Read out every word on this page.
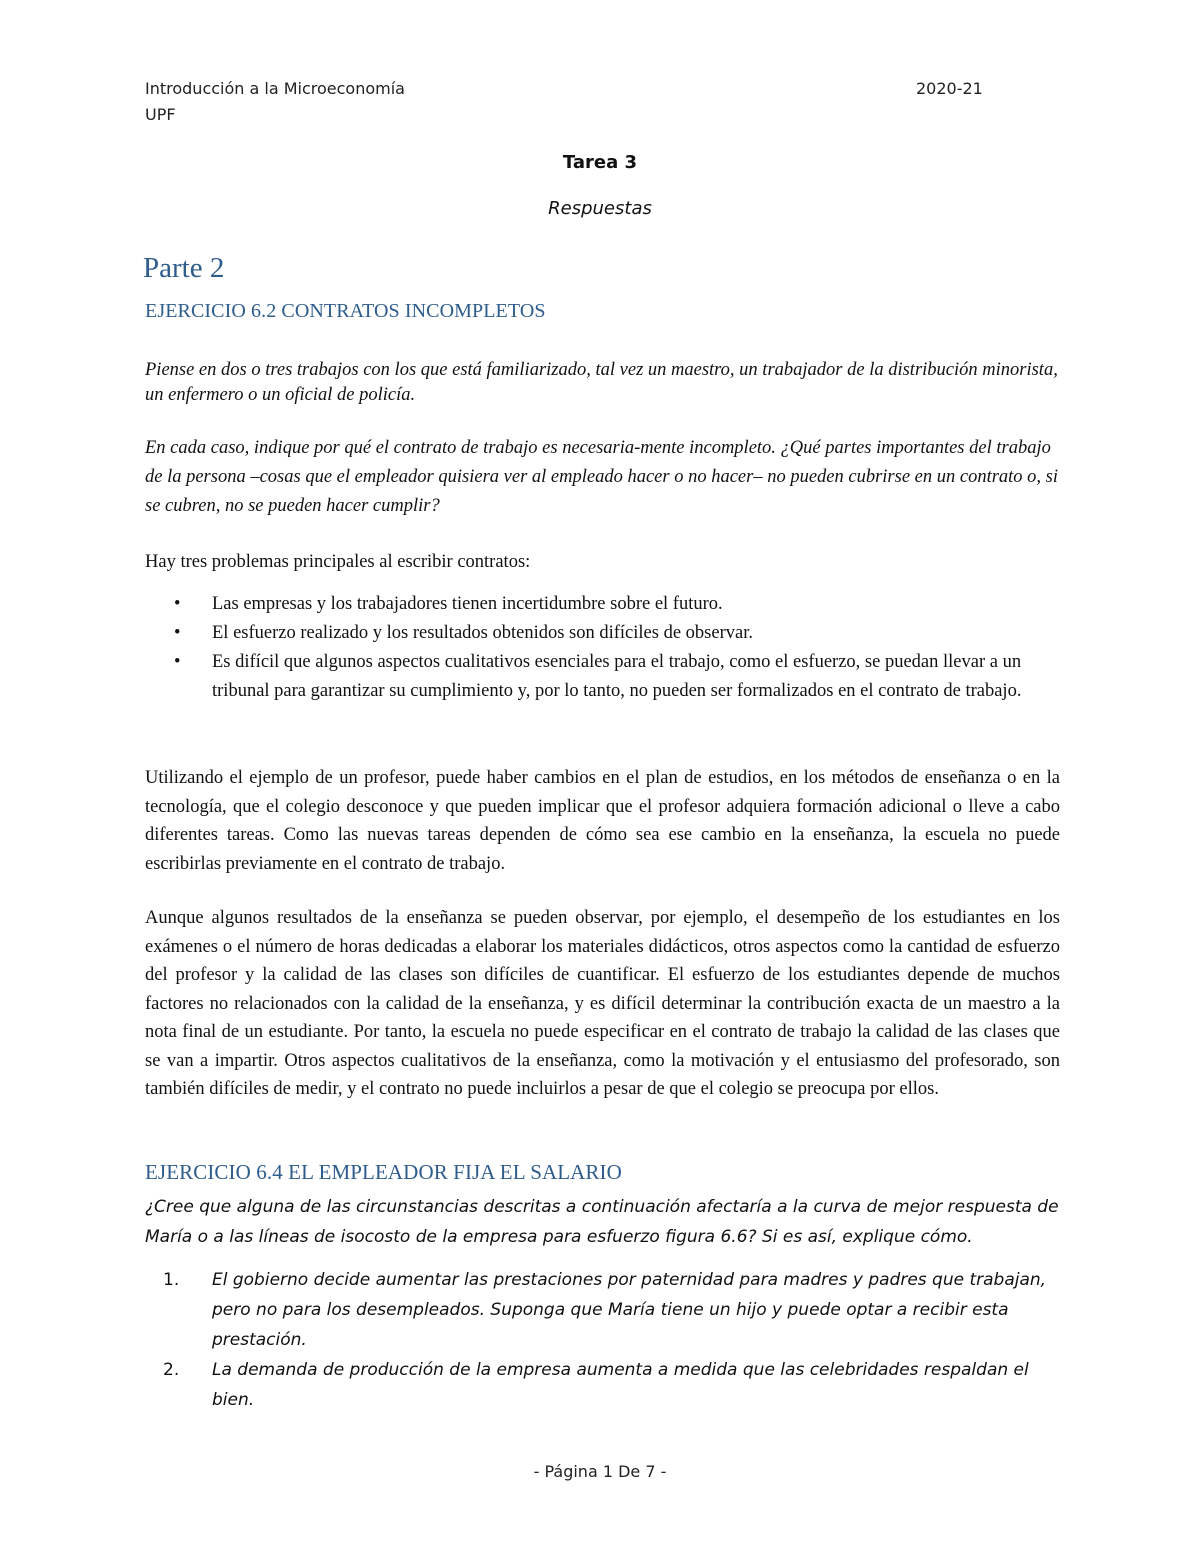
Introducción a la Microeconomía
UPF
2020-21
Tarea 3
Respuestas
Parte 2
EJERCICIO 6.2 CONTRATOS INCOMPLETOS
Piense en dos o tres trabajos con los que está familiarizado, tal vez un maestro, un trabajador de la distribución minorista, un enfermero o un oficial de policía.
En cada caso, indique por qué el contrato de trabajo es necesaria-mente incompleto. ¿Qué partes importantes del trabajo de la persona –cosas que el empleador quisiera ver al empleado hacer o no hacer– no pueden cubrirse en un contrato o, si se cubren, no se pueden hacer cumplir?
Hay tres problemas principales al escribir contratos:
• Las empresas y los trabajadores tienen incertidumbre sobre el futuro.
• El esfuerzo realizado y los resultados obtenidos son difíciles de observar.
• Es difícil que algunos aspectos cualitativos esenciales para el trabajo, como el esfuerzo, se puedan llevar a un tribunal para garantizar su cumplimiento y, por lo tanto, no pueden ser formalizados en el contrato de trabajo.
Utilizando el ejemplo de un profesor, puede haber cambios en el plan de estudios, en los métodos de enseñanza o en la tecnología, que el colegio desconoce y que pueden implicar que el profesor adquiera formación adicional o lleve a cabo diferentes tareas. Como las nuevas tareas dependen de cómo sea ese cambio en la enseñanza, la escuela no puede escribirlas previamente en el contrato de trabajo.
Aunque algunos resultados de la enseñanza se pueden observar, por ejemplo, el desempeño de los estudiantes en los exámenes o el número de horas dedicadas a elaborar los materiales didácticos, otros aspectos como la cantidad de esfuerzo del profesor y la calidad de las clases son difíciles de cuantificar. El esfuerzo de los estudiantes depende de muchos factores no relacionados con la calidad de la enseñanza, y es difícil determinar la contribución exacta de un maestro a la nota final de un estudiante. Por tanto, la escuela no puede especificar en el contrato de trabajo la calidad de las clases que se van a impartir. Otros aspectos cualitativos de la enseñanza, como la motivación y el entusiasmo del profesorado, son también difíciles de medir, y el contrato no puede incluirlos a pesar de que el colegio se preocupa por ellos.
EJERCICIO 6.4 EL EMPLEADOR FIJA EL SALARIO
¿Cree que alguna de las circunstancias descritas a continuación afectaría a la curva de mejor respuesta de María o a las líneas de isocosto de la empresa para esfuerzo figura 6.6? Si es así, explique cómo.
1. El gobierno decide aumentar las prestaciones por paternidad para madres y padres que trabajan, pero no para los desempleados. Suponga que María tiene un hijo y puede optar a recibir esta prestación.
2. La demanda de producción de la empresa aumenta a medida que las celebridades respaldan el bien.
- Página 1 De 7 -
